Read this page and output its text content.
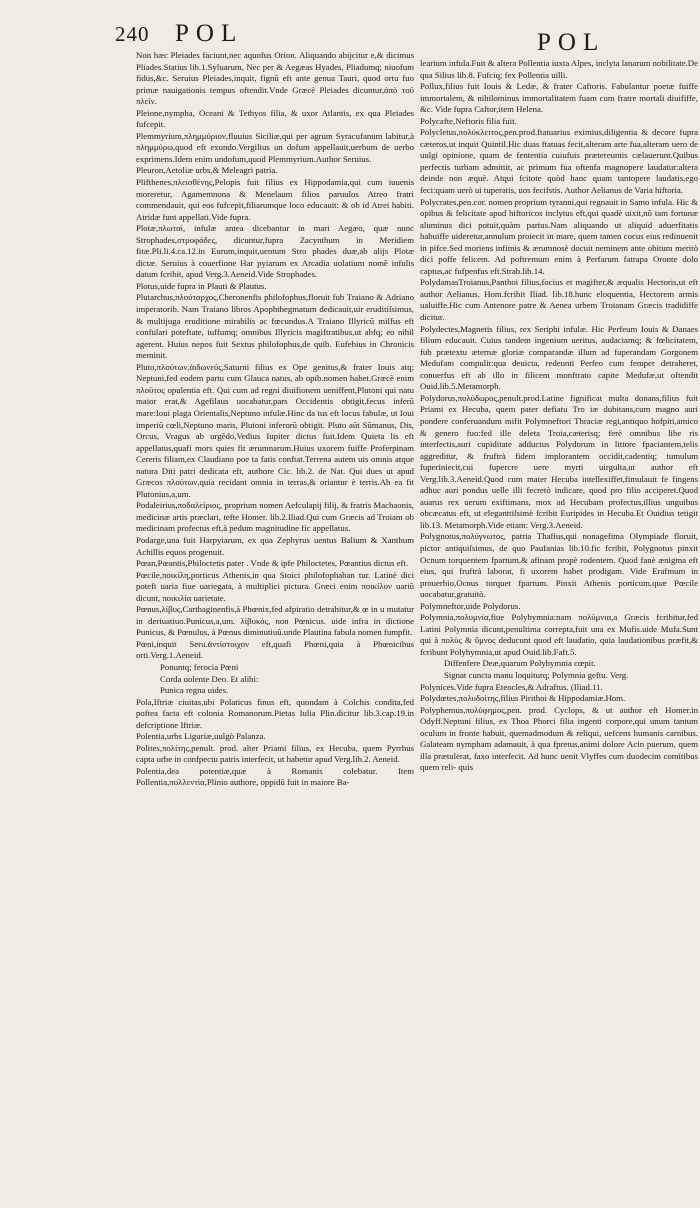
240 POL	POL

Non hæc Pleiades faciunt,nec aquofus Orion. Aliquando abijcitur e,& dicimus Pliades.Statius lib.1.Syluarum, Nec per & Aegæas Hyades, Pliadumq; niuofum fidus,&c. Seruius Pleiades,inquit, fignũ eft ante genua Tauri, quod ortu fuo primæ nauigationis tempus oftendit.Vnde Græcè Pleiades dicuntur,ἀπὸ τοῦ πλεῖν.

Pleione,nympha, Oceani & Tethyos filia, & uxor Atlantis, ex qua Pleiades fufcepit.

Plemmyrium,πλημμύριον,fluuius Siciliæ,qui per agrum Syracufanum labitur,à πλημμύρω,quod eft exundo.Vergilius un dofum appellauit,uerbum de uerbo exprimens.Idem enim undofum,quod Plemmyrium.Author Seruius.

Pleuron,Aetoliæ urbs,& Meleagri patria.

Plifthenes,πλεισθένης,Pelopis fuit filius ex Hippodamia,qui cum iuuenis moreretur, Agamemnona & Menelaum filios paruulos Atreo fratri commendauit, qui eos fufcepit,filiarumque loco educauit: & ob id Atrei habiti. Atridæ funt appellati.Vide fupra.

Plotæ,πλωταί, infulæ antea dicebantur in mari Aegæo, quæ nunc Strophades,στροφάδες, dicuntur,fupra Zacynthum in Meridiem fitæ.Pli.li.4.ca.12.in Eurum,inquit,uentum Stro phades duæ,ab alijs Plotæ dictæ. Seruius à couerfione Har pyiarum ex Arcadia uolatium nomẽ infulis datum fcribit, apud Verg.3.Aeneid.Vide Strophades.

Plotus,uide fupra in Plauti & Plautus.

Plutarchus,πλούταρχος,Cheronenfis philofophus,floruit fub Traiano & Adriano imperatorib. Nam Traiano libros Apophthegmatum dedicauit,uir eruditiſsimus, & multijuga eruditione mirabilis ac fœcundus.A Traiano Illyricũ miſfus eft confulari poteftate, iuffumq; omnibus Illyricis magiftratibus,ut abfq; eo nihil agerent. Huius nepos fuit Sextus philofophus,de quib. Eufebius in Chronicis meminit.

Pluto,πλούτων,ἀιδωνεύς,Saturni filius ex Ope genitus,& frater Iouis atq; Neptuni,fed eodem partu cum Glauca natus, ab opib.nomen habet.Græcè enim πλοῦτος opulentia eft. Qui cum ad regni diuifionem ueniffent,Plutoni qui natu maior erat,& Agefilaus uocabatur,pars Occidentis obtigit,fecus inferũ mare:Ioui plaga Orientalis,Neptuno infulæ.Hinc da tus eft locus fabulæ, ut Ioui imperiũ cœli,Neptuno maris, Plutoni inferorũ obtigit. Pluto aũt Sũmanus, Dis, Orcus, Vragus ab urgẽdo,Vedius Iupiter dictus fuit.Idem Quieta lis eft appellatus,quafi mors quies fit ærumnarum.Huius uxorem fuiffe Proferpinam Cereris filiam,ex Claudiano poe ta fatis conftat.Terrena autem uis omnis atque natura Diti patri dedicata eft, authore Cic. lib.2. de Nat. Qui dues ut apud Græcos πλούτων,quia recidant omnia in terras,& oriantur è terris.Ab ea fit Plutonius,a,um.

Podaleirius,ποδαλείριος, proprium nomen Aefculapij filij, & fratris Machaonis, medicinæ artis præclari, tefte Homer. lib.2.Iliad.Qui cum Græcis ad Troiam ob medicinam profectus eft,à pedum magnitudine fic appellatus.

Podarge,una fuit Harpyiarum, ex qua Zephyrus uentus Balium & Xanthum Achillis equos progenuit.

Pœan,Pœantis,Philoctetis pater . Vnde & ipfe Philoctetes, Pœantius dictus eft.

Pœcile,ποικίλη,porticus Athenis,in qua Stoici philofophaban tur. Latinè dici poteft uaria fiue uariegata, à multiplici pictura. Græci enim ποικίλον uariũ dicunt, ποικιλία uarietate.

Pœnus,λίβυς,Carthaginenfis,à Phœnix,fed afpiratio detrahitur,& œ in u mutatur in deriuatiuo.Punicus,a,um. λίβυκός, non Pœnicus. uide infra in dictione Punicus, & Pœnulus, à Pœnus diminutiuũ.unde Plautina fabula nomen fumpfit.

Pœni,inquit Seru.ἀντίστοιχον eft,quafi Phœni,quia à Phœnicibus orti.Verg.1.Aeneid.

Ponuntq; ferocia Pœni

Corda uolente Deo. Et alibi:

Punica regna uides.

Pola,Iftriæ ciuitas,ubi Polaticus finus eft, quondam à Colchis condita,fed poftea facta eft colonia Romanorum.Pietas Iulia Plin.dicitur lib.3.cap.19.in defcriptione Iftriæ.

Polentia,urbs Liguriæ,uulgò Palanza.

Polites,πολίτης,penult. prod. alter Priami filius, ex Hecuba, quem Pyrrhus capta urbe in confpectu patris interfecit, ut habetur apud Verg.lib.2. Aeneid.

Polentia,dea potentiæ,quæ à Romanis colebatur. Item Pollentia,πολλεντία,Plinio authore, oppidũ fuit in maiore Ba-

learium infula.Fuit & altera Pollentia iuxta Alpes, inclyta lanarum nobilitate.De qua Silius lib.8. Fufciq; fex Pollentia uilli.

Pollux,filius fuit Iouis & Ledæ, & frater Caftoris. Fabulantur poetæ fuiffe immortalem, & nihilominus immortalitatem fuam cum fratre mortali diuififfe, &c. Vide fupra Caftor,item Helena.

Polycafte,Neftoris filia fuit.

Polycletus,πολύκλειτος,pen.prod.ftatuarius eximius,diligentia & decore fupra cæteros,ut inquit Quintil.Hic duas ftatuas fecit,alteram arte fua,alteram uero de uulgi opinione, quam de fententia cuiufuis prætereuntis cælauerunt.Quibus perfectis turbam admittit, ac primum fua oftenfa magnopere laudatur:altera deinde non æquè. Atqui fcitote quòd hanc quam tantopere laudatis,ego feci:quam uerò ui tuperatis, uos fecifstis. Author Aelianus de Varia hiftoria.

Polycrates,pen.cor. nomen proprium tyranni,qui regnauit in Samo infula. Hic & opibus & felicitate apud hiftoricos inclytus eft,qui quadè uixit,nõ tam fortunæ aluminus dici potuit,quàm partus.Nam aliquando ut aliquid aduerfitatis habuiffe uideretur,annulum proiecit in mare, quem tamen cocus eius redinuenit in pifce.Sed moriens infimis & ærumnosè docuit neminem ante obitum meritò dici poffe felicem. Ad poftremum enim à Perfarum fatrapa Oronte dolo captus,ac fufpenfus eft.Strab.lib.14.

PolydamasTroianus,Panthoi filius,focius et magifter,& æqualis Hectoris,ut eft author Aelianus. Hom.fcribit Iliad. lib.18.hunc eloquentia, Hectorem armis ualuiffe.Hic cum Antenore patre & Aenea urbem Troianam Græcis tradidiffe dicitur.

Polydectes,Magnetis filius, rex Seriphi infulæ. Hic Perfeum Iouis & Danaes filium educauit. Cuius tandem ingenium ueritus, audaciamq; & fœlicitatem, fub prætextu æternæ gloriæ comparandæ illum ad fuperandam Gorgonem Medufam compulit:qua deuicta, redeunti Perfeo cum femper detraheret, conuerfus eft ab illo in filicem monftrato capite Medufæ,ut oftendit Ouid.lib.5.Metamorph.

Polydorus,πολύδωρος,penult.prod.Latine fignificat multa donans,filius fuit Priami ex Hecuba, quem pater defiatu Tro iæ dubitans,cum magno auri pondere conferuandum mifit Polymneftori Thraciæ regi,antiquo hofpiti,amico & genero fuo:fed ille deleta Troia,cæterisq; ferè omnibus libe ris interfectis,auri cupiditate adductus Polydorum in littore fpaciantem,telis aggreditur, & fruftrà fidem implorantem occidit,cadentiq; tumulum fuperiniecit,cui fupercre uere myrti uirgulta,ut author eft Verg.lib.3.Aeneid.Quod cum mater Hecuba intellexiffet,fimulauit fe fingens adhuc auri pondus uelle illi fecretò indicare, quod pro filio acciperet.Quod auarus rex uerum exiftimans, mox ad Hecubam profectus,illius unguibus obcæcatus eft, ut eleganttiſsimè fcribit Euripides in Hecuba.Et Ouidius tetigit lib.13. Metamorph.Vide etiam: Verg.3.Aeneid.

Polygnotus,πολύγνωτος, patria Thafius,qui nonagefima Olympiade floruit, pictor antiquiſsimus, de quo Paufanias lib.10.fic fcribit, Polygnotus pinxit Ocnum torquentem fpartum,& afinam propè rodentem. Quod fanè ænigma eft eius, qui fruftrà laborat, fi uxorem habet prodigam. Vide Erafmum in prouerbio,Ocnus torquet fpartum. Pinxit Athenis porticum,quæ Pœcile uocabatur,gratuitò.

Polymneftor,uide Polydorus.

Polymnia,πολυμνία,fiue Polyhymnia:nam πολύμνια,a Græcis fcribitur,fed Latini Polymnia dicunt,penultima correpta,fuit una ex Mufis.uide Mufa.Sunt qui à πολὺς & ὕμνος deducunt quod eft laudatio, quia laudationibus præfit,& fcribunt Polyhymnia,ut apud Ouid.lib.Faft.5.

Diffenfere Deæ,quarum Polyhymnia cœpit.

Signat cuncta manu loquiturq; Polymnia geftu. Verg.

Polynices.Vide fupra Eteocles,& Adraftus. (Iliad.11.

Polydœtes,πολυδοίτης,filius Pirithoi & Hippodamiæ.Hom.

Polyphemus,πολύφημος,pen. prod. Cyclops, & ut author eft Homer.in Odyff.Neptuni filius, ex Thoa Phorci filia ingenti corpore,qui unum tantum oculum in fronte habuit, quemadmodum & reliqui, uefcens humanis carnibus. Galateam nympham adamauit, à qua fpretus,animi dolore Acin puerum, quem illa prætulerat, faxo interfecit. Ad hunc uenit Vlyffes cum duodecim comitibus quem reli- quis
